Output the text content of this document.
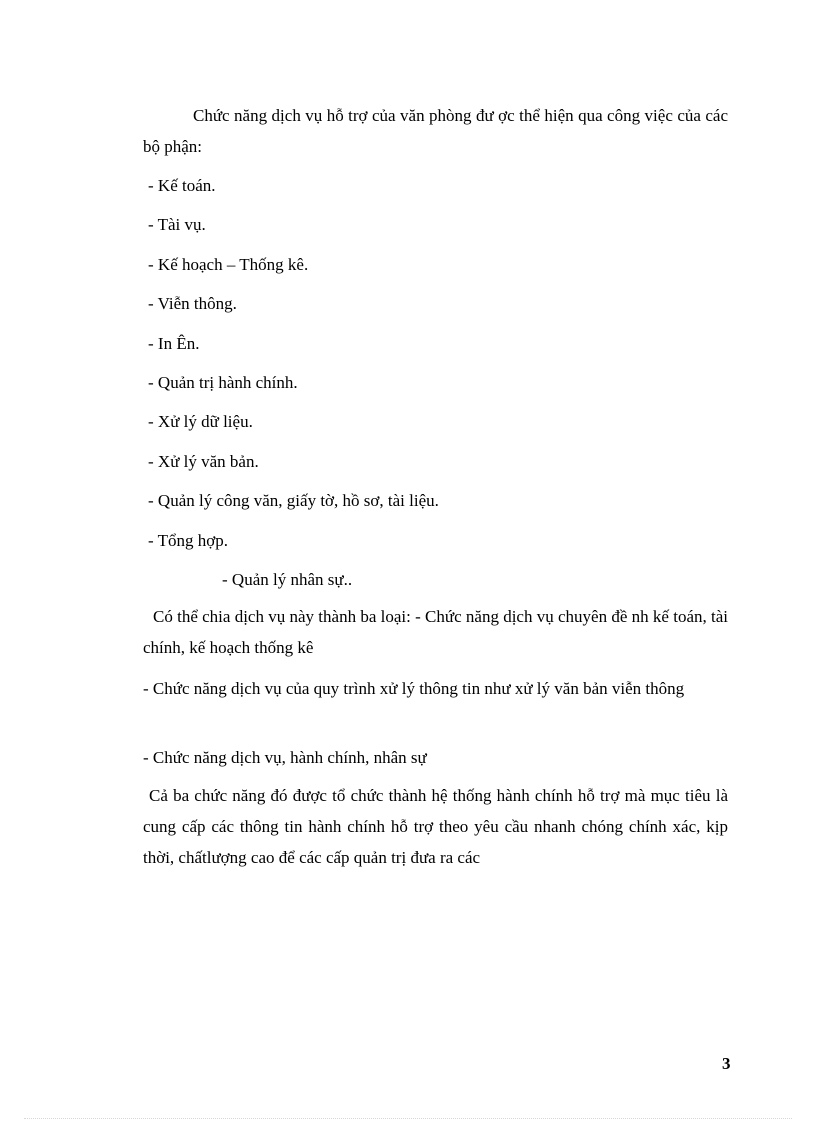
Chức năng dịch vụ hỗ trợ của văn phòng đư ợc thể hiện qua công việc của các bộ phận:
- Kế toán.
- Tài vụ.
- Kế hoạch – Thống kê.
- Viễn thông.
- In Ên.
- Quản trị hành chính.
- Xử lý dữ liệu.
- Xử lý văn bản.
- Quản lý công văn, giấy tờ, hồ sơ, tài liệu.
- Tổng hợp.
- Quản lý nhân sự..
Có thể chia dịch vụ này thành ba loại: - Chức năng dịch vụ chuyên đề nh kế toán, tài chính, kế hoạch thống kê
- Chức năng dịch vụ của quy trình xử lý thông tin như xử lý văn bản viễn thông
- Chức năng dịch vụ, hành chính, nhân sự
Cả ba chức năng đó được tổ chức thành hệ thống hành chính hỗ trợ mà mục tiêu là cung cấp các thông tin hành chính hỗ trợ theo yêu cầu nhanh chóng chính xác, kịp thời, chấtlượng cao để các cấp quản trị đưa ra các
3
